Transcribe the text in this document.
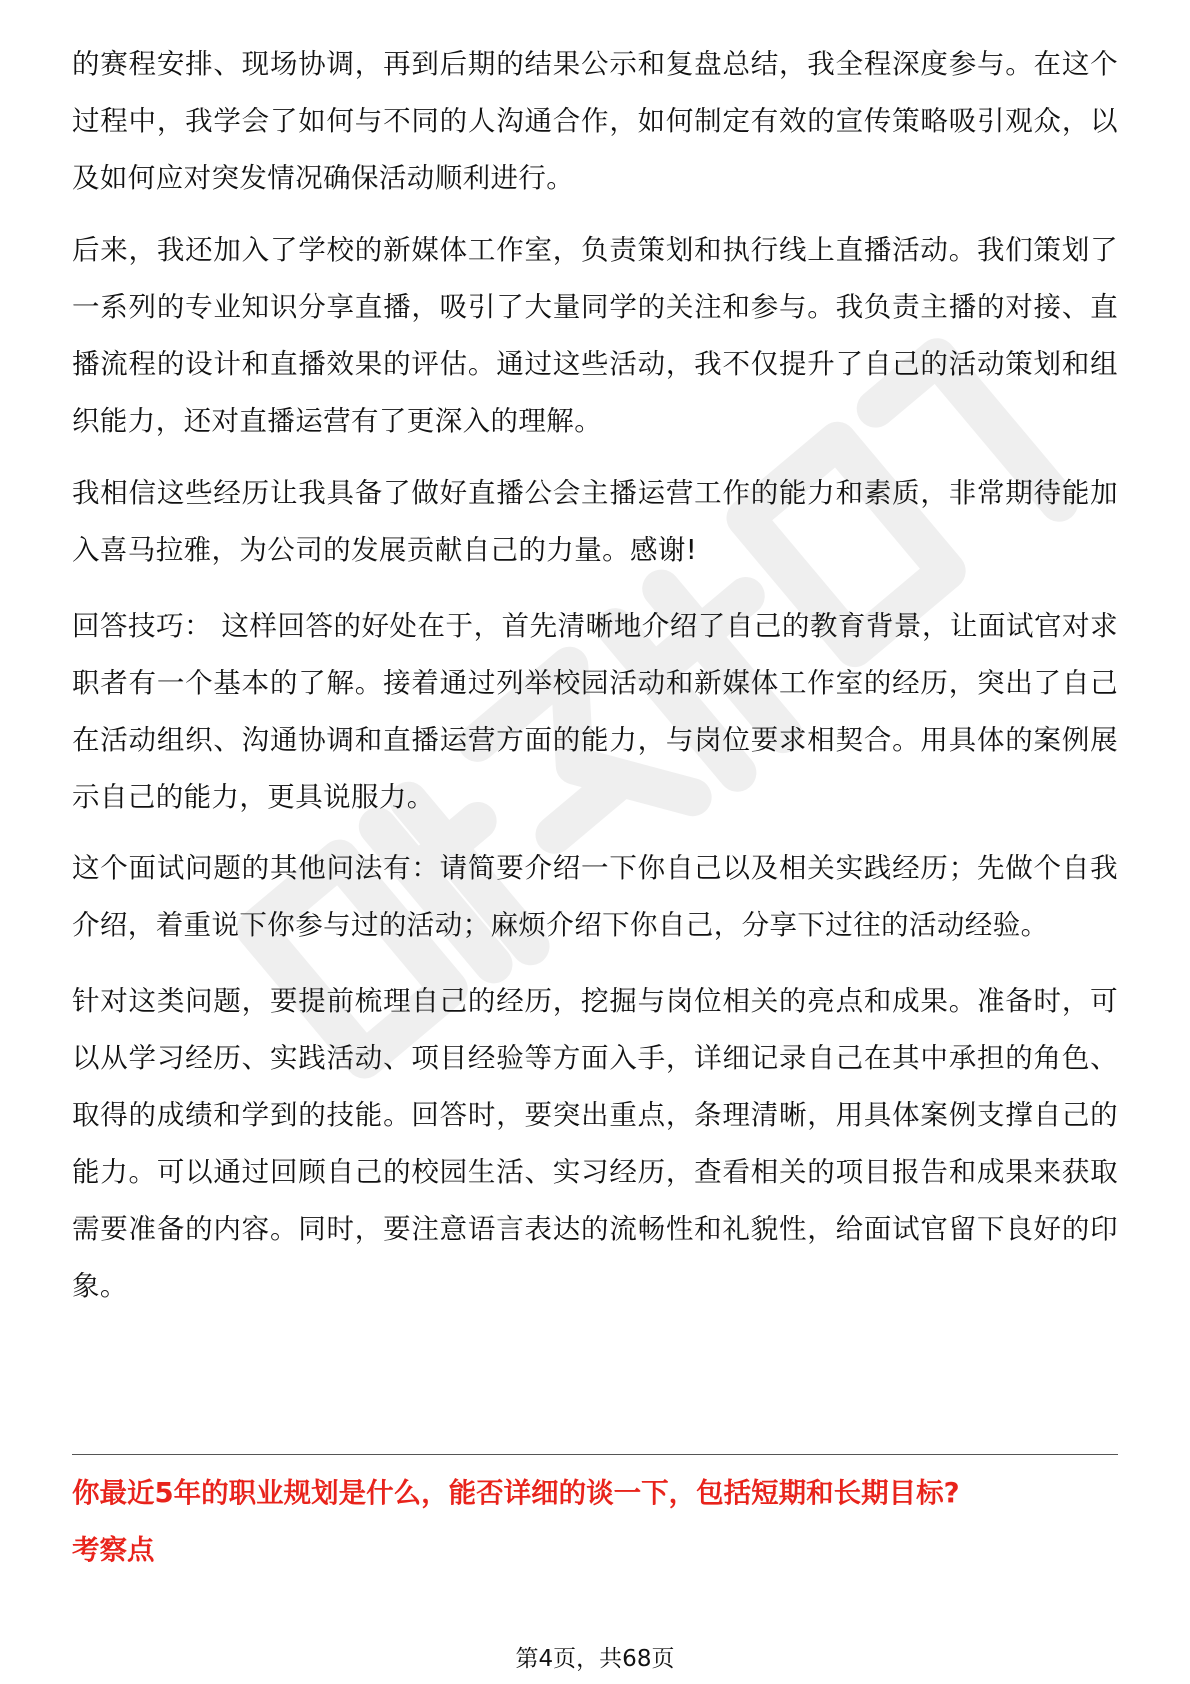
的赛程安排、现场协调，再到后期的结果公示和复盘总结，我全程深度参与。在这个过程中，我学会了如何与不同的人沟通合作，如何制定有效的宣传策略吸引观众，以及如何应对突发情况确保活动顺利进行。

后来，我还加入了学校的新媒体工作室，负责策划和执行线上直播活动。我们策划了一系列的专业知识分享直播，吸引了大量同学的关注和参与。我负责主播的对接、直播流程的设计和直播效果的评估。通过这些活动，我不仅提升了自己的活动策划和组织能力，还对直播运营有了更深入的理解。

我相信这些经历让我具备了做好直播公会主播运营工作的能力和素质，非常期待能加入喜马拉雅，为公司的发展贡献自己的力量。感谢!

回答技巧： 这样回答的好处在于，首先清晰地介绍了自己的教育背景，让面试官对求职者有一个基本的了解。接着通过列举校园活动和新媒体工作室的经历，突出了自己在活动组织、沟通协调和直播运营方面的能力，与岗位要求相契合。用具体的案例展示自己的能力，更具说服力。

这个面试问题的其他问法有：请简要介绍一下你自己以及相关实践经历；先做个自我介绍，着重说下你参与过的活动；麻烦介绍下你自己，分享下过往的活动经验。

针对这类问题，要提前梳理自己的经历，挖掘与岗位相关的亮点和成果。准备时，可以从学习经历、实践活动、项目经验等方面入手，详细记录自己在其中承担的角色、取得的成绩和学到的技能。回答时，要突出重点，条理清晰，用具体案例支撑自己的能力。可以通过回顾自己的校园生活、实习经历，查看相关的项目报告和成果来获取需要准备的内容。同时，要注意语言表达的流畅性和礼貌性，给面试官留下良好的印象。

你最近5年的职业规划是什么，能否详细的谈一下，包括短期和长期目标?

考察点

第4页，共68页
